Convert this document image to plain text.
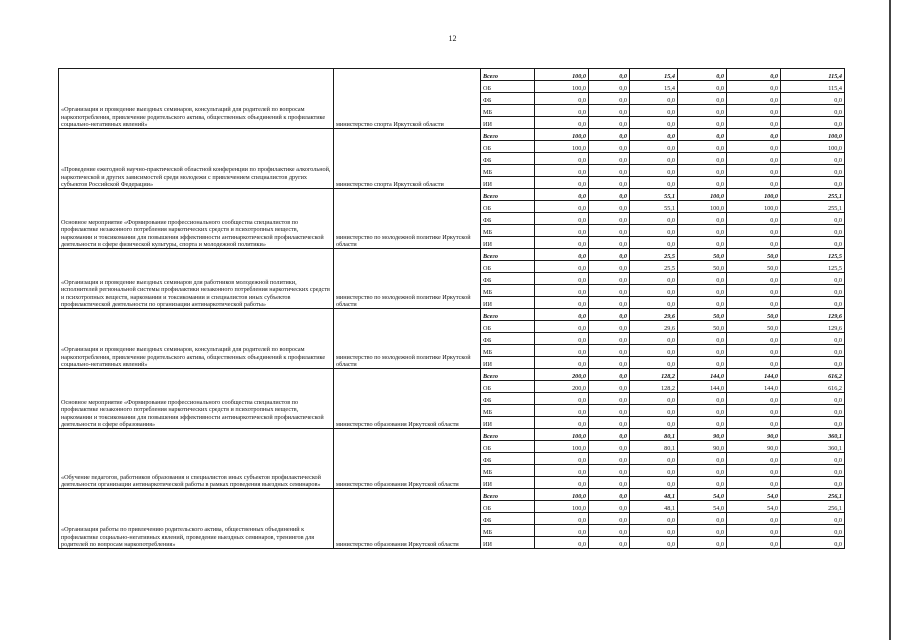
12
«Организация и проведение выездных семинаров, консультаций для родителей по вопросам наркопотребления, привлечение родительского актива, общественных объединений к профилактике социально-негативных явлений»	министерство спорта Иркутской области	Всего	100,0	0,0	15,4	0,0	0,0	115,4
		ОБ	100,0	0,0	15,4	0,0	0,0	115,4
		ФБ	0,0	0,0	0,0	0,0	0,0	0,0
		МБ	0,0	0,0	0,0	0,0	0,0	0,0
		ИИ	0,0	0,0	0,0	0,0	0,0	0,0
«Проведение ежегодной научно-практической областной конференции по профилактике алкогольной, наркотической и других зависимостей среди молодежи с привлечением специалистов других субъектов Российской Федерации»	министерство спорта Иркутской области	Всего	100,0	0,0	0,0	0,0	0,0	100,0
		ОБ	100,0	0,0	0,0	0,0	0,0	100,0
		ФБ	0,0	0,0	0,0	0,0	0,0	0,0
		МБ	0,0	0,0	0,0	0,0	0,0	0,0
		ИИ	0,0	0,0	0,0	0,0	0,0	0,0
Основное мероприятие «Формирование профессионального сообщества специалистов по профилактике незаконного потребления наркотических средств и психотропных веществ, наркомании и токсикомании для повышения эффективности антинаркотической профилактической деятельности в сфере физической культуры, спорта и молодежной политики»	министерство по молодежной политике Иркутской области	Всего	0,0	0,0	55,1	100,0	100,0	255,1
		ОБ	0,0	0,0	55,1	100,0	100,0	255,1
		ФБ	0,0	0,0	0,0	0,0	0,0	0,0
		МБ	0,0	0,0	0,0	0,0	0,0	0,0
		ИИ	0,0	0,0	0,0	0,0	0,0	0,0
«Организация и проведение выездных семинаров для работников молодежной политики, исполнителей региональной системы профилактики незаконного потребления наркотических средств и психотропных веществ, наркомании и токсикомании и специалистов иных субъектов профилактической деятельности по организации антинаркотической работы»	министерство по молодежной политике Иркутской области	Всего	0,0	0,0	25,5	50,0	50,0	125,5
		ОБ	0,0	0,0	25,5	50,0	50,0	125,5
		ФБ	0,0	0,0	0,0	0,0	0,0	0,0
		МБ	0,0	0,0	0,0	0,0	0,0	0,0
		ИИ	0,0	0,0	0,0	0,0	0,0	0,0
«Организация и проведение выездных семинаров, консультаций для родителей по вопросам наркопотребления, привлечение родительского актива, общественных объединений к профилактике социально-негативных явлений»	министерство по молодежной политике Иркутской области	Всего	0,0	0,0	29,6	50,0	50,0	129,6
		ОБ	0,0	0,0	29,6	50,0	50,0	129,6
		ФБ	0,0	0,0	0,0	0,0	0,0	0,0
		МБ	0,0	0,0	0,0	0,0	0,0	0,0
		ИИ	0,0	0,0	0,0	0,0	0,0	0,0
Основное мероприятие «Формирование профессионального сообщества специалистов по профилактике незаконного потребления наркотических средств и психотропных веществ, наркомании и токсикомании для повышения эффективности антинаркотической профилактической деятельности в сфере образования»	министерство образования Иркутской области	Всего	200,0	0,0	128,2	144,0	144,0	616,2
		ОБ	200,0	0,0	128,2	144,0	144,0	616,2
		ФБ	0,0	0,0	0,0	0,0	0,0	0,0
		МБ	0,0	0,0	0,0	0,0	0,0	0,0
		ИИ	0,0	0,0	0,0	0,0	0,0	0,0
«Обучение педагогов, работников образования и специалистов иных субъектов профилактической деятельности организации антинаркотической работы в рамках проведения выездных семинаров»	министерство образования Иркутской области	Всего	100,0	0,0	80,1	90,0	90,0	360,1
		ОБ	100,0	0,0	80,1	90,0	90,0	360,1
		ФБ	0,0	0,0	0,0	0,0	0,0	0,0
		МБ	0,0	0,0	0,0	0,0	0,0	0,0
		ИИ	0,0	0,0	0,0	0,0	0,0	0,0
«Организация работы по привлечению родительского актива, общественных объединений к профилактике социально-негативных явлений, проведение выездных семинаров, тренингов для родителей по вопросам наркопотребления»	министерство образования Иркутской области	Всего	100,0	0,0	48,1	54,0	54,0	256,1
		ОБ	100,0	0,0	48,1	54,0	54,0	256,1
		ФБ	0,0	0,0	0,0	0,0	0,0	0,0
		МБ	0,0	0,0	0,0	0,0	0,0	0,0
		ИИ	0,0	0,0	0,0	0,0	0,0	0,0
